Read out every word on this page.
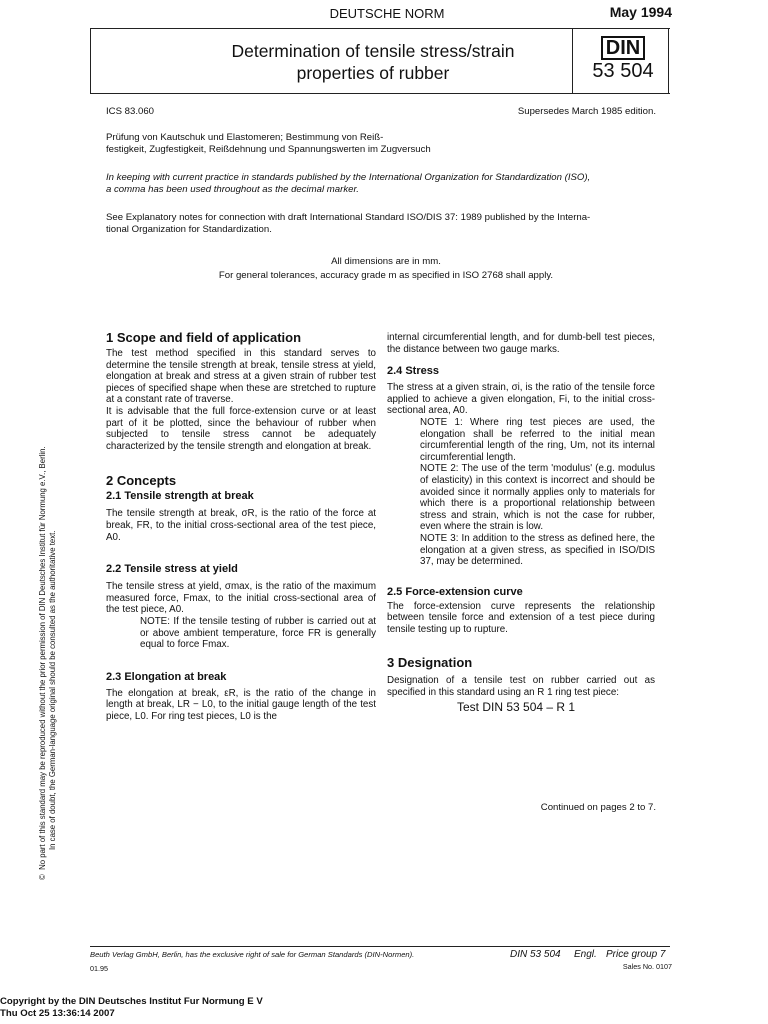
DEUTSCHE NORM	May 1994
Determination of tensile stress/strain
properties of rubber
DIN
53 504
ICS 83.060	Supersedes March 1985 edition.
Prüfung von Kautschuk und Elastomeren; Bestimmung von Reiß-
festigkeit, Zugfestigkeit, Reißdehnung und Spannungswerten im Zugversuch
In keeping with current practice in standards published by the International Organization for Standardization (ISO),
a comma has been used throughout as the decimal marker.
See Explanatory notes for connection with draft International Standard ISO/DIS 37: 1989 published by the Interna-
tional Organization for Standardization.
All dimensions are in mm.
For general tolerances, accuracy grade m as specified in ISO 2768 shall apply.
©  No part of this standard may be reproduced without the prior permission of DIN Deutsches Institut für Normung e.V., Berlin. In case of doubt, the German-language original should be consulted as the authoritative text.
1 Scope and field of application
The test method specified in this standard serves to determine the tensile strength at break, tensile stress at yield, elongation at break and stress at a given strain of rubber test pieces of specified shape when these are stretched to rupture at a constant rate of traverse.
It is advisable that the full force-extension curve or at least part of it be plotted, since the behaviour of rubber when subjected to tensile stress cannot be adequately characterized by the tensile strength and elongation at break.
2 Concepts
2.1 Tensile strength at break
The tensile strength at break, σR, is the ratio of the force at break, FR, to the initial cross-sectional area of the test piece, A0.
2.2 Tensile stress at yield
The tensile stress at yield, σmax, is the ratio of the maximum measured force, Fmax, to the initial cross-sectional area of the test piece, A0.
NOTE: If the tensile testing of rubber is carried out at or above ambient temperature, force FR is generally equal to force Fmax.
2.3 Elongation at break
The elongation at break, εR, is the ratio of the change in length at break, LR − L0, to the initial gauge length of the test piece, L0. For ring test pieces, L0 is the
internal circumferential length, and for dumb-bell test pieces, the distance between two gauge marks.
2.4 Stress
The stress at a given strain, σi, is the ratio of the tensile force applied to achieve a given elongation, Fi, to the initial cross-sectional area, A0.
NOTE 1: Where ring test pieces are used, the elongation shall be referred to the initial mean circumferential length of the ring, Um, not its internal circumferential length.
NOTE 2: The use of the term 'modulus' (e.g. modulus of elasticity) in this context is incorrect and should be avoided since it normally applies only to materials for which there is a proportional relationship between stress and strain, which is not the case for rubber, even where the strain is low.
NOTE 3: In addition to the stress as defined here, the elongation at a given stress, as specified in ISO/DIS 37, may be determined.
2.5 Force-extension curve
The force-extension curve represents the relationship between tensile force and extension of a test piece during tensile testing up to rupture.
3 Designation
Designation of a tensile test on rubber carried out as specified in this standard using an R 1 ring test piece:
Test DIN 53 504 – R 1
Continued on pages 2 to 7.
Beuth Verlag GmbH, Berlin, has the exclusive right of sale for German Standards (DIN-Normen).
01.95
DIN 53 504 Engl. Price group 7
Sales No. 0107
Copyright by the DIN Deutsches Institut Fur Normung E V
Thu Oct 25 13:36:14 2007
